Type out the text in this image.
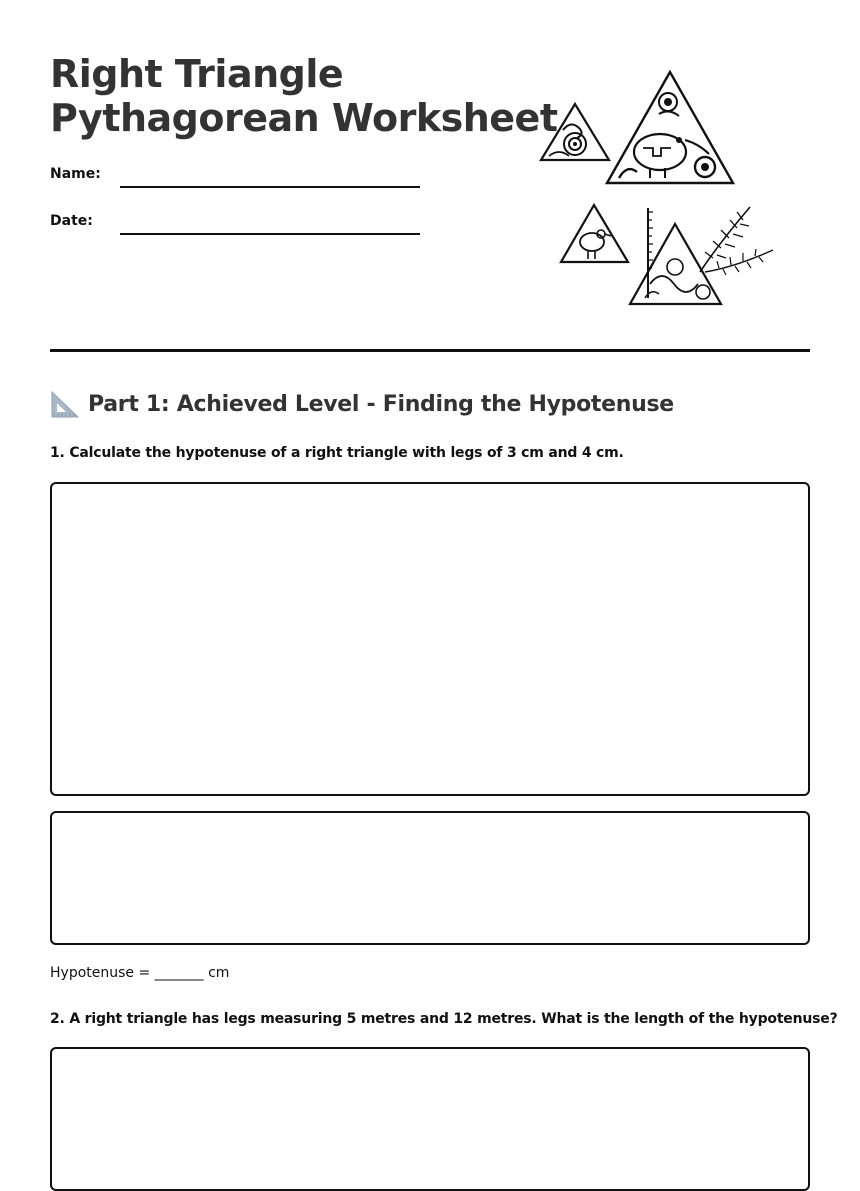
Right Triangle
Pythagorean Worksheet
Name:
Date:
Part 1: Achieved Level - Finding the Hypotenuse

1. Calculate the hypotenuse of a right triangle with legs of 3 cm and 4 cm.

Hypotenuse = _______ cm

2. A right triangle has legs measuring 5 metres and 12 metres. What is the length of the hypotenuse?
